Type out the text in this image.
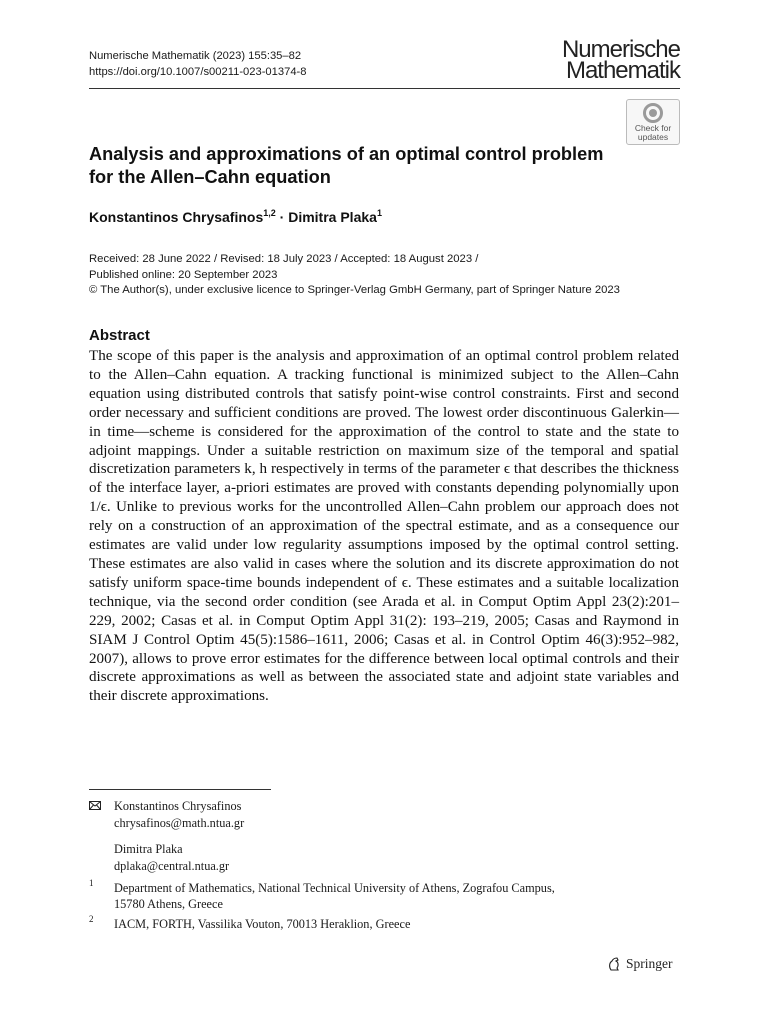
Numerische Mathematik (2023) 155:35–82
https://doi.org/10.1007/s00211-023-01374-8
Numerische
Mathematik
Check for
updates
Analysis and approximations of an optimal control problem for the Allen–Cahn equation
Konstantinos Chrysafinos$^{1,2}$ · Dimitra Plaka$^1$
Received: 28 June 2022 / Revised: 18 July 2023 / Accepted: 18 August 2023 /
Published online: 20 September 2023
© The Author(s), under exclusive licence to Springer-Verlag GmbH Germany, part of Springer Nature 2023
Abstract

The scope of this paper is the analysis and approximation of an optimal control problem related to the Allen–Cahn equation. A tracking functional is minimized subject to the Allen–Cahn equation using distributed controls that satisfy point-wise control constraints. First and second order necessary and sufficient conditions are proved. The lowest order discontinuous Galerkin—in time—scheme is considered for the approximation of the control to state and the state to adjoint mappings. Under a suitable restriction on maximum size of the temporal and spatial discretization parameters k, h respectively in terms of the parameter ϵ that describes the thickness of the interface layer, a-priori estimates are proved with constants depending polynomially upon 1/ϵ. Unlike to previous works for the uncontrolled Allen–Cahn problem our approach does not rely on a construction of an approximation of the spectral estimate, and as a consequence our estimates are valid under low regularity assumptions imposed by the optimal control setting. These estimates are also valid in cases where the solution and its discrete approximation do not satisfy uniform space-time bounds independent of ϵ. These estimates and a suitable localization technique, via the second order condition (see Arada et al. in Comput Optim Appl 23(2):201–229, 2002; Casas et al. in Comput Optim Appl 31(2): 193–219, 2005; Casas and Raymond in SIAM J Control Optim 45(5):1586–1611, 2006; Casas et al. in Control Optim 46(3):952–982, 2007), allows to prove error estimates for the difference between local optimal controls and their discrete approximations as well as between the associated state and adjoint state variables and their discrete approximations.

Konstantinos Chrysafinos
chrysafinos@math.ntua.gr
Dimitra Plaka
dplaka@central.ntua.gr
1 Department of Mathematics, National Technical University of Athens, Zografou Campus,
15780 Athens, Greece
2 IACM, FORTH, Vassilika Vouton, 70013 Heraklion, Greece
Springer
